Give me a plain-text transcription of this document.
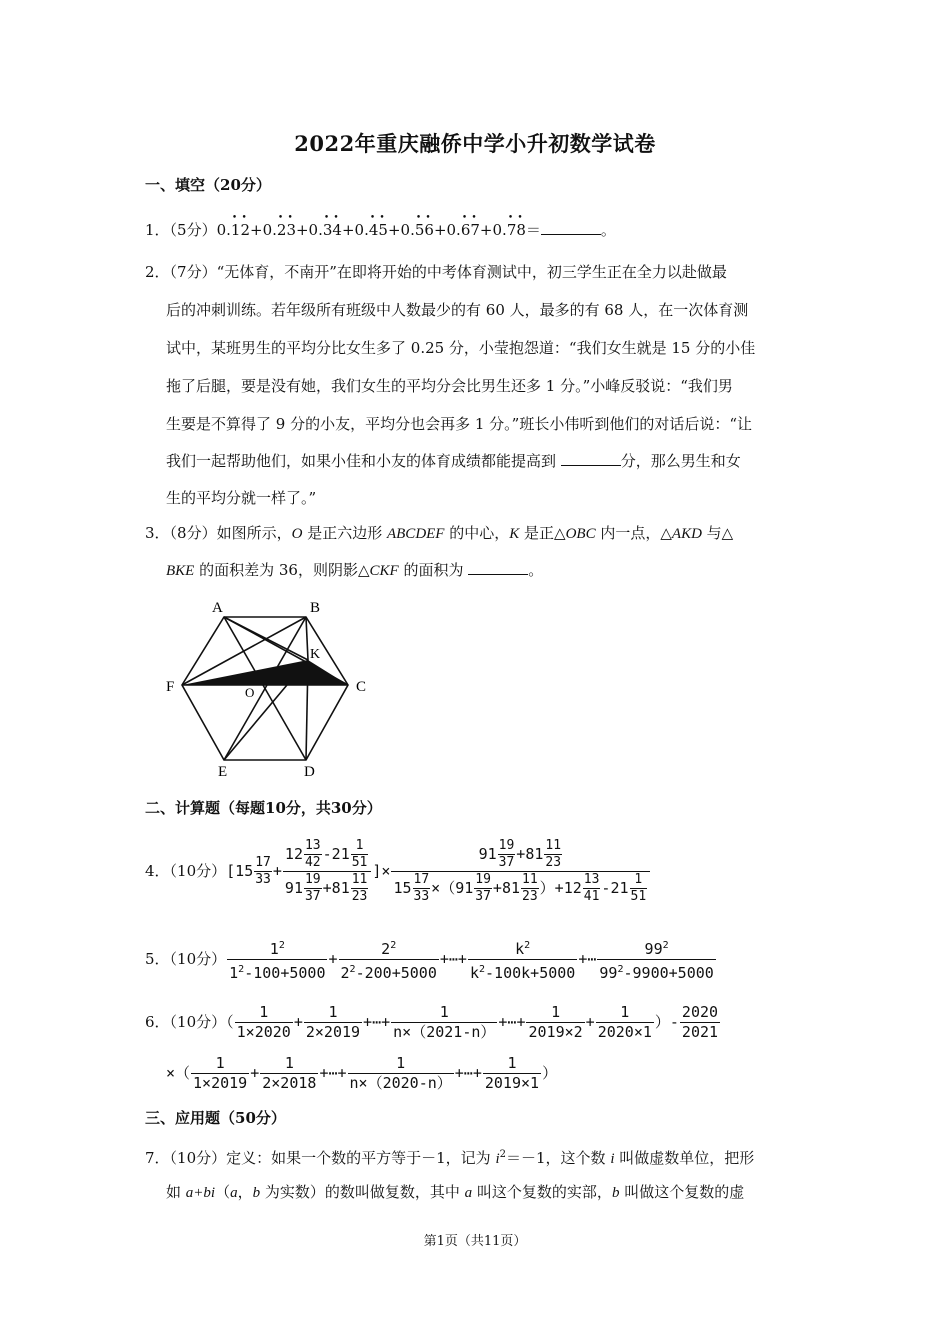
2022年重庆融侨中学小升初数学试卷
一、填空（20分）
1．（5分）0.• 1• 2+0.• 2• 3+0.• 3• 4+0.• 4• 5+0.• 5• 6+0.• 6• 7+0.• 7• 8＝	。
2．（7分）“无体育，不南开”在即将开始的中考体育测试中，初三学生正在全力以赴做最
后的冲刺训练。若年级所有班级中人数最少的有 60 人，最多的有 68 人，在一次体育测
试中，某班男生的平均分比女生多了 0.25 分，小莹抱怨道：“我们女生就是 15 分的小佳
拖了后腿，要是没有她，我们女生的平均分会比男生还多 1 分。”小峰反驳说：“我们男
生要是不算得了 9 分的小友，平均分也会再多 1 分。”班长小伟听到他们的对话后说：“让
我们一起帮助他们，如果小佳和小友的体育成绩都能提高到	分，那么男生和女
生的平均分就一样了。”
3．（8分）如图所示，O 是正六边形 ABCDEF 的中心，K 是正△OBC 内一点，△AKD 与△
BKE 的面积差为 36，则阴影△CKF 的面积为	。
A	B
C
D
E
F
K
O
二、计算题（每题10分，共30分）
4．（10分）[$15 \frac{17}{33} + \frac{12 \frac{13}{42} -21 \frac{1}{51}}{91 \frac{19}{37} +81 \frac{11}{23}}$ ]× $\frac{91 \frac{19}{37} +81 \frac{11}{23}}{15 \frac{17}{33} \times(91 \frac{19}{37} +81 \frac{11}{23} )+12 \frac{13}{41} -21 \frac{1}{51}}$
5．（10分） $\frac{1^2}{1^2-100+5000} + \frac{2^2}{2^2-200+5000}$ +⋯+ $\frac{k^2}{k^2-100k+5000}$ +⋯ $\frac{99^2}{99^2-9900+5000}$
6．（10分）（ $\frac{1}{1\times 2020} + \frac{1}{2\times 2019}$ +⋯+ $\frac{1}{n\times(2021-n)}$ +⋯+ $\frac{1}{2019\times 2} + \frac{1}{2020\times 1}$ ）- $\frac{2020}{2021}$
×（ $\frac{1}{1\times 2019} + \frac{1}{2\times 2018}$ +⋯+ $\frac{1}{n\times(2020-n)}$ +⋯+ $\frac{1}{2019\times 1}$ ）
三、应用题（50分）
7．（10分）定义：如果一个数的平方等于－1，记为 $i^2=-1$，这个数 i 叫做虚数单位，把形
如 a+bi（a，b 为实数）的数叫做复数，其中 a 叫这个复数的实部，b 叫做这个复数的虚
第1页（共11页）
